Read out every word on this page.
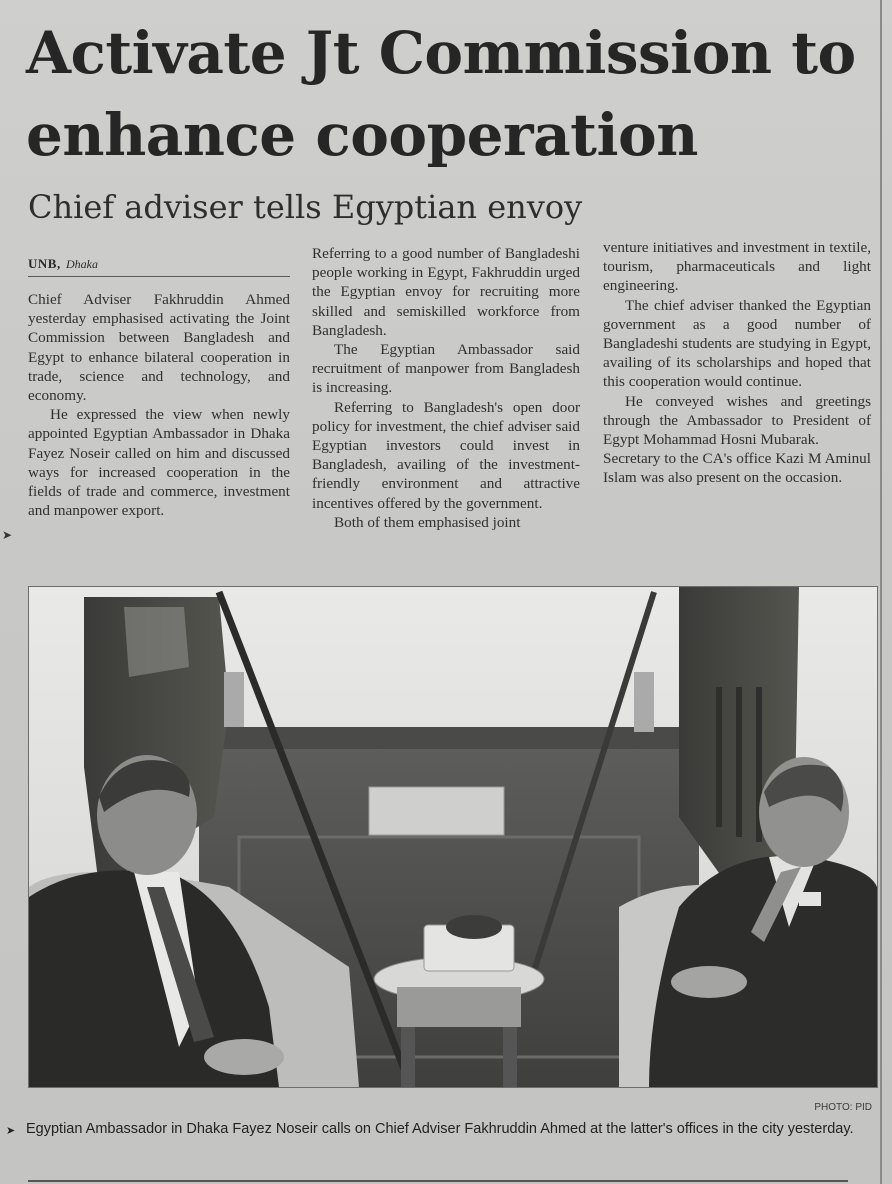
➤
Activate Jt Commission to
enhance cooperation
Chief adviser tells Egyptian envoy
UNB, Dhaka

Chief Adviser Fakhruddin Ahmed yesterday emphasised activating the Joint Commission between Bangladesh and Egypt to enhance bilateral cooperation in trade, science and technology, and economy.

He expressed the view when newly appointed Egyptian Ambassador in Dhaka Fayez Noseir called on him and discussed ways for increased cooperation in the fields of trade and commerce, investment and manpower export.

Referring to a good number of Bangladeshi people working in Egypt, Fakhruddin urged the Egyptian envoy for recruiting more skilled and semiskilled workforce from Bangladesh.

The Egyptian Ambassador said recruitment of manpower from Bangladesh is increasing.

Referring to Bangladesh's open door policy for investment, the chief adviser said Egyptian investors could invest in Bangladesh, availing of the investment-friendly environment and attractive incentives offered by the government.

Both of them emphasised joint

venture initiatives and investment in textile, tourism, pharmaceuticals and light engineering.

The chief adviser thanked the Egyptian government as a good number of Bangladeshi students are studying in Egypt, availing of its scholarships and hoped that this cooperation would continue.

He conveyed wishes and greetings through the Ambassador to President of Egypt Mohammad Hosni Mubarak.

Secretary to the CA's office Kazi M Aminul Islam was also present on the occasion.

PHOTO: PID
➤ Egyptian Ambassador in Dhaka Fayez Noseir calls on Chief Adviser Fakhruddin Ahmed at the latter's offices in the city yesterday.
